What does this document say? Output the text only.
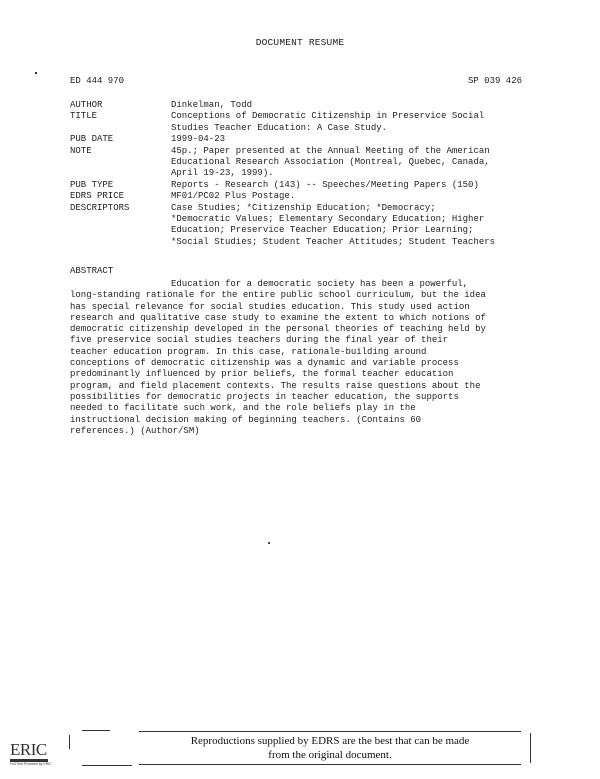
DOCUMENT RESUME
ED 444 970	SP 039 426
AUTHOR	Dinkelman, Todd
TITLE	Conceptions of Democratic Citizenship in Preservice Social
Studies Teacher Education: A Case Study.
PUB DATE	1999-04-23
NOTE	45p.; Paper presented at the Annual Meeting of the American
Educational Research Association (Montreal, Quebec, Canada,
April 19-23, 1999).
PUB TYPE	Reports - Research (143) -- Speeches/Meeting Papers (150)
EDRS PRICE	MF01/PC02 Plus Postage.
DESCRIPTORS	Case Studies; *Citizenship Education; *Democracy;
*Democratic Values; Elementary Secondary Education; Higher
Education; Preservice Teacher Education; Prior Learning;
*Social Studies; Student Teacher Attitudes; Student Teachers
ABSTRACT
Education for a democratic society has been a powerful,
long-standing rationale for the entire public school curriculum, but the idea
has special relevance for social studies education. This study used action
research and qualitative case study to examine the extent to which notions of
democratic citizenship developed in the personal theories of teaching held by
five preservice social studies teachers during the final year of their
teacher education program. In this case, rationale-building around
conceptions of democratic citizenship was a dynamic and variable process
predominantly influenced by prior beliefs, the formal teacher education
program, and field placement contexts. The results raise questions about the
possibilities for democratic projects in teacher education, the supports
needed to facilitate such work, and the role beliefs play in the
instructional decision making of beginning teachers. (Contains 60
references.) (Author/SM)
ERIC
Full Text Provided by ERIC
Reproductions supplied by EDRS are the best that can be made
from the original document.
